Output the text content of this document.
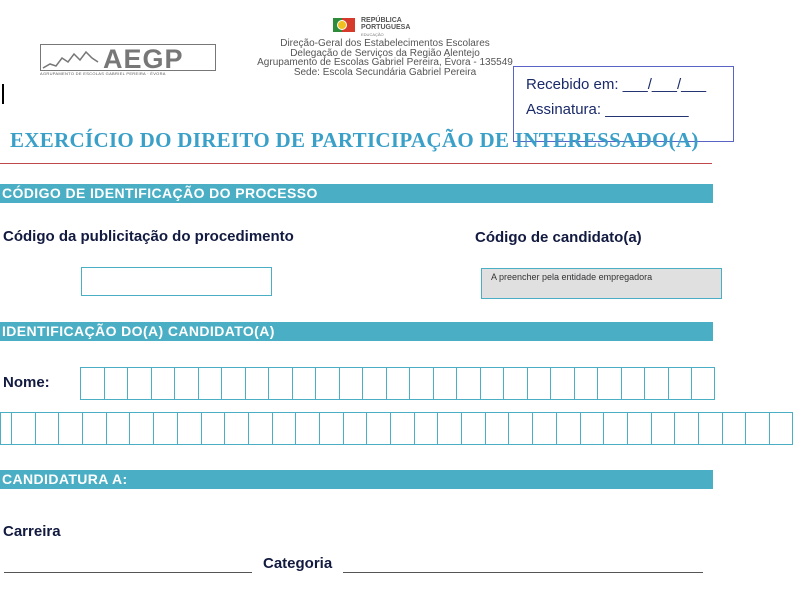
AEGP
AGRUPAMENTO DE ESCOLAS GABRIEL PEREIRA · ÉVORA
REPÚBLICA
PORTUGUESA
EDUCAÇÃO
Direção-Geral dos Estabelecimentos Escolares
Delegação de Serviços da Região Alentejo
Agrupamento de Escolas Gabriel Pereira, Évora - 135549
Sede: Escola Secundária Gabriel Pereira
Recebido em: ___/___/___
Assinatura: __________
EXERCÍCIO DO DIREITO DE PARTICIPAÇÃO DE INTERESSADO(A)
CÓDIGO DE IDENTIFICAÇÃO DO PROCESSO
Código da publicitação do procedimento	Código de candidato(a)
A preencher pela entidade empregadora
IDENTIFICAÇÃO DO(A) CANDIDATO(A)
Nome:
CANDIDATURA A:
Carreira
Categoria
